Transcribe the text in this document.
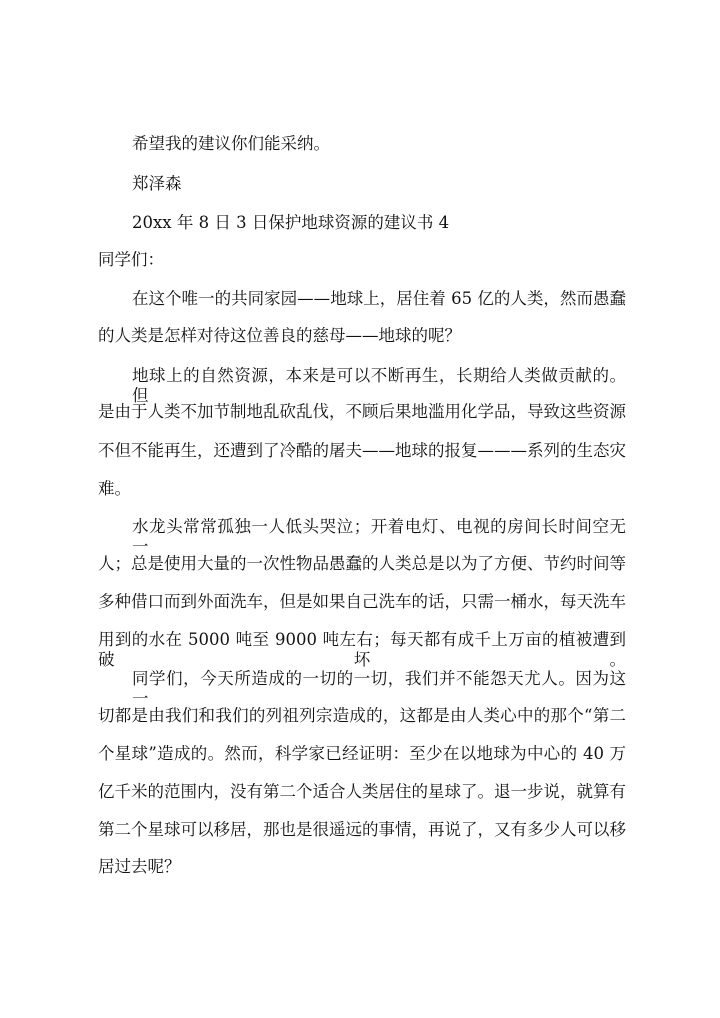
希望我的建议你们能采纳。
郑泽森
20xx 年 8 日 3 日保护地球资源的建议书 4
同学们：
在这个唯一的共同家园——地球上，居住着 65 亿的人类，然而愚蠢
的人类是怎样对待这位善良的慈母——地球的呢？
地球上的自然资源，本来是可以不断再生，长期给人类做贡献的。但
是由于人类不加节制地乱砍乱伐，不顾后果地滥用化学品，导致这些资源
不但不能再生，还遭到了冷酷的屠夫——地球的报复———系列的生态灾
难。
水龙头常常孤独一人低头哭泣；开着电灯、电视的房间长时间空无一
人；总是使用大量的一次性物品愚蠢的人类总是以为了方便、节约时间等
多种借口而到外面洗车，但是如果自己洗车的话，只需一桶水，每天洗车
用到的水在 5000 吨至 9000 吨左右；每天都有成千上万亩的植被遭到破坏。
同学们，今天所造成的一切的一切，我们并不能怨天尤人。因为这一
切都是由我们和我们的列祖列宗造成的，这都是由人类心中的那个“第二
个星球”造成的。然而，科学家已经证明：至少在以地球为中心的 40 万
亿千米的范围内，没有第二个适合人类居住的星球了。退一步说，就算有
第二个星球可以移居，那也是很遥远的事情，再说了，又有多少人可以移
居过去呢？
